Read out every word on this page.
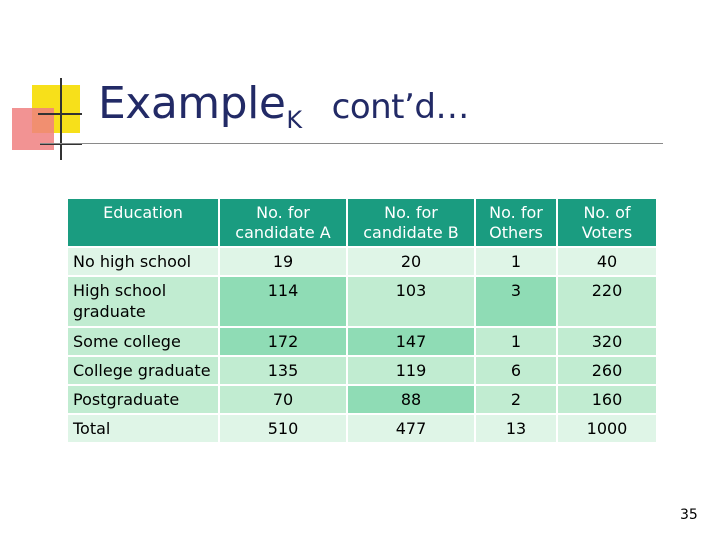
Example$_K$ cont’d…
Education	No. for candidate A	No. for candidate B	No. for Others	No. of Voters
No high school	19	20	1	40
High school graduate	114	103	3	220
Some college	172	147	1	320
College graduate	135	119	6	260
Postgraduate	70	88	2	160
Total	510	477	13	1000
35
